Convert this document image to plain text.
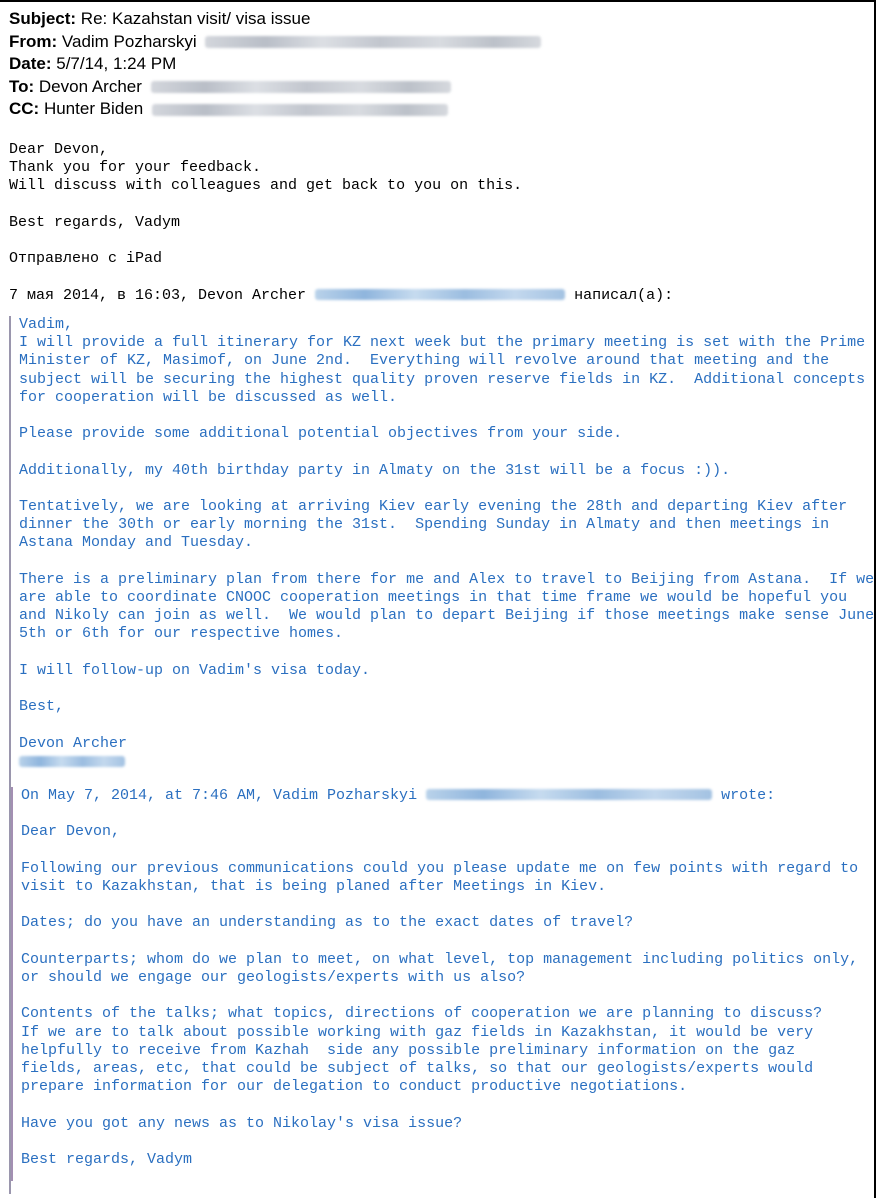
Subject: Re: Kazahstan visit/ visa issue
From: Vadim Pozharskyi
Date: 5/7/14, 1:24 PM
To: Devon Archer
CC: Hunter Biden
Dear Devon,
Thank you for your feedback.
Will discuss with colleagues and get back to you on this.
Best regards, Vadym
Отправлено с iPad
7 мая 2014, в 16:03, Devon Archer	написал(а):
Vadim,
I will provide a full itinerary for KZ next week but the primary meeting is set with the Prime
Minister of KZ, Masimof, on June 2nd.  Everything will revolve around that meeting and the
subject will be securing the highest quality proven reserve fields in KZ.  Additional concepts
for cooperation will be discussed as well.
Please provide some additional potential objectives from your side.
Additionally, my 40th birthday party in Almaty on the 31st will be a focus :)).
Tentatively, we are looking at arriving Kiev early evening the 28th and departing Kiev after
dinner the 30th or early morning the 31st.  Spending Sunday in Almaty and then meetings in
Astana Monday and Tuesday.
There is a preliminary plan from there for me and Alex to travel to Beijing from Astana.  If we
are able to coordinate CNOOC cooperation meetings in that time frame we would be hopeful you
and Nikoly can join as well.  We would plan to depart Beijing if those meetings make sense June
5th or 6th for our respective homes.
I will follow-up on Vadim's visa today.
Best,
Devon Archer
On May 7, 2014, at 7:46 AM, Vadim Pozharskyi	wrote:
Dear Devon,
Following our previous communications could you please update me on few points with regard to
visit to Kazakhstan, that is being planed after Meetings in Kiev.
Dates; do you have an understanding as to the exact dates of travel?
Counterparts; whom do we plan to meet, on what level, top management including politics only,
or should we engage our geologists/experts with us also?
Contents of the talks; what topics, directions of cooperation we are planning to discuss?
If we are to talk about possible working with gaz fields in Kazakhstan, it would be very
helpfully to receive from Kazhah  side any possible preliminary information on the gaz
fields, areas, etc, that could be subject of talks, so that our geologists/experts would
prepare information for our delegation to conduct productive negotiations.
Have you got any news as to Nikolay's visa issue?
Best regards, Vadym
